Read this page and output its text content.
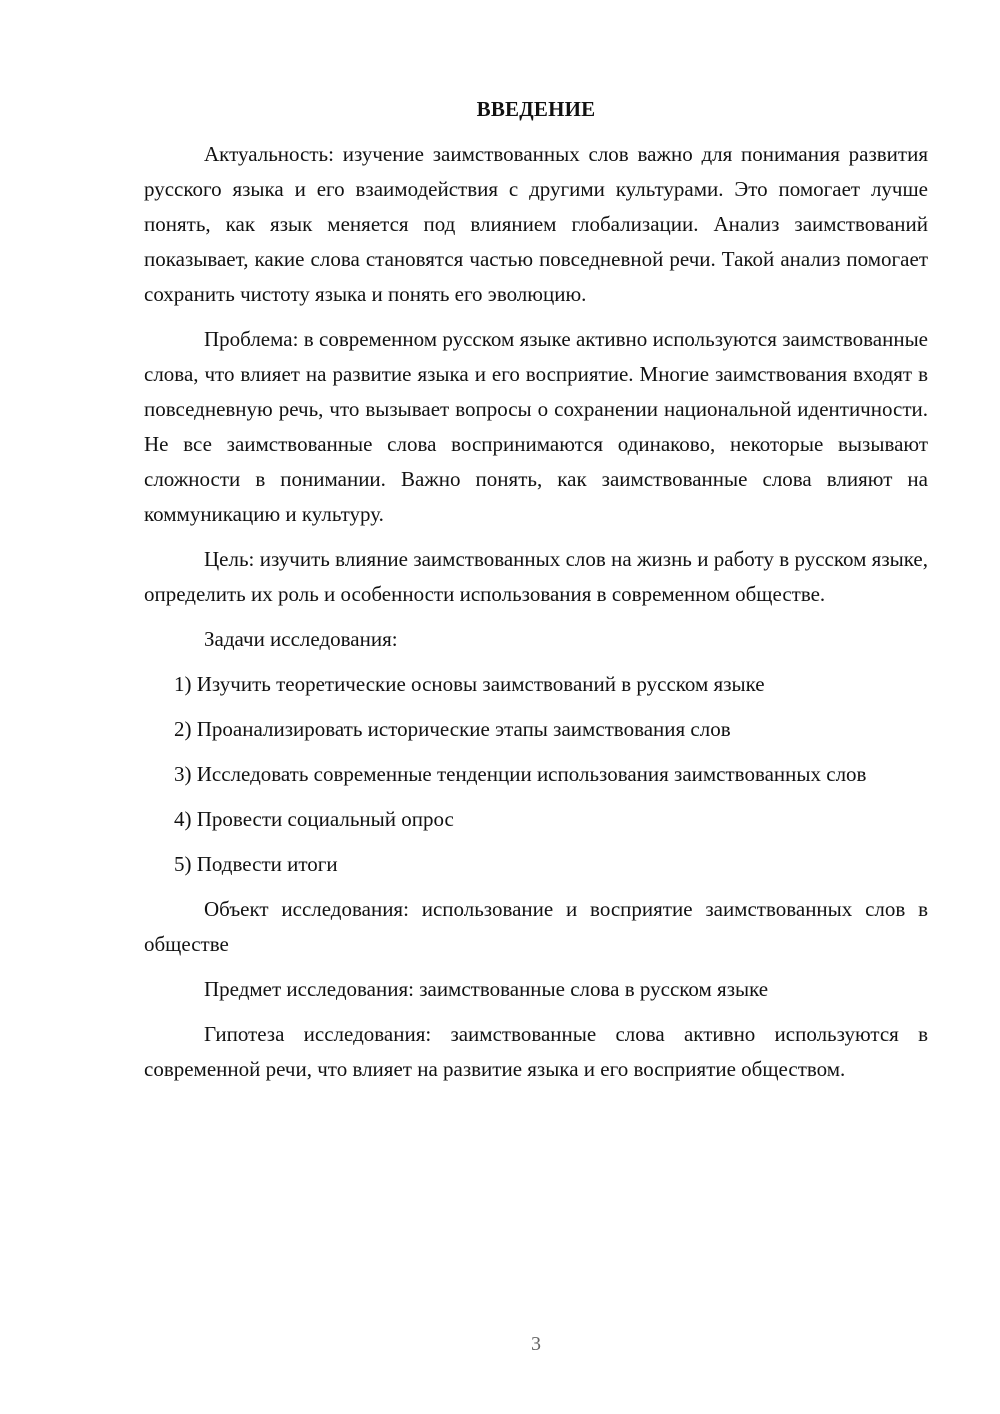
ВВЕДЕНИЕ

Актуальность: изучение заимствованных слов важно для понимания развития русского языка и его взаимодействия с другими культурами. Это помогает лучше понять, как язык меняется под влиянием глобализации. Анализ заимствований показывает, какие слова становятся частью повседневной речи. Такой анализ помогает сохранить чистоту языка и понять его эволюцию.

Проблема: в современном русском языке активно используются заимствованные слова, что влияет на развитие языка и его восприятие. Многие заимствования входят в повседневную речь, что вызывает вопросы о сохранении национальной идентичности. Не все заимствованные слова воспринимаются одинаково, некоторые вызывают сложности в понимании. Важно понять, как заимствованные слова влияют на коммуникацию и культуру.

Цель: изучить влияние заимствованных слов на жизнь и работу в русском языке, определить их роль и особенности использования в современном обществе.

Задачи исследования:

1) Изучить теоретические основы заимствований в русском языке

2) Проанализировать исторические этапы заимствования слов

3) Исследовать современные тенденции использования заимствованных слов

4) Провести социальный опрос

5) Подвести итоги

Объект исследования: использование и восприятие заимствованных слов в обществе

Предмет исследования: заимствованные слова в русском языке

Гипотеза исследования: заимствованные слова активно используются в современной речи, что влияет на развитие языка и его восприятие обществом.

3
